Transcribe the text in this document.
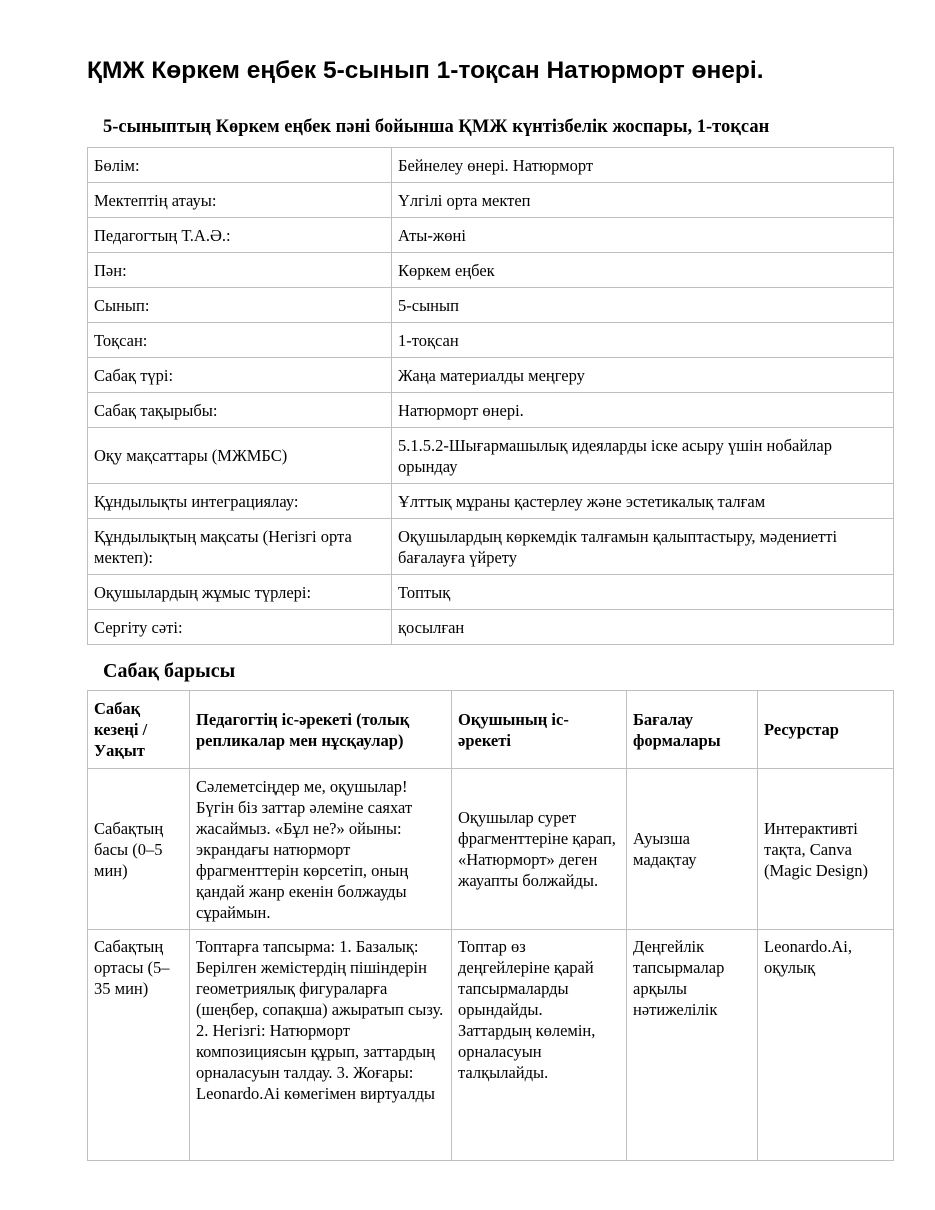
ҚМЖ Көркем еңбек 5-сынып 1-тоқсан Натюрморт өнері.
5-сыныптың Көркем еңбек пәні бойынша ҚМЖ күнтізбелік жоспары, 1-тоқсан
Бөлім:	Бейнелеу өнері. Натюрморт
Мектептің атауы:	Үлгілі орта мектеп
Педагогтың Т.А.Ә.:	Аты-жөні
Пән:	Көркем еңбек
Сынып:	5-сынып
Тоқсан:	1-тоқсан
Сабақ түрі:	Жаңа материалды меңгеру
Сабақ тақырыбы:	Натюрморт өнері.
Оқу мақсаттары (МЖМБС)	5.1.5.2-Шығармашылық идеяларды іске асыру үшін нобайлар орындау
Құндылықты интеграциялау:	Ұлттық мұраны қастерлеу және эстетикалық талғам
Құндылықтың мақсаты (Негізгі орта мектеп):	Оқушылардың көркемдік талғамын қалыптастыру, мәдениетті бағалауға үйрету
Оқушылардың жұмыс түрлері:	Топтық
Сергіту сәті:	қосылған
Сабақ барысы
Сабақ кезеңі / Уақыт	Педагогтің іс-әрекеті (толық репликалар мен нұсқаулар)	Оқушының іс-әрекеті	Бағалау формалары	Ресурстар
Сабақтың басы (0–5 мин)	Сәлеметсіңдер ме, оқушылар! Бүгін біз заттар әлеміне саяхат жасаймыз. «Бұл не?» ойыны: экрандағы натюрморт фрагменттерін көрсетіп, оның қандай жанр екенін болжауды сұраймын.	Оқушылар сурет фрагменттеріне қарап, «Натюрморт» деген жауапты болжайды.	Ауызша мадақтау	Интерактивті тақта, Canva (Magic Design)
Сабақтың ортасы (5–35 мин)	Топтарға тапсырма: 1. Базалық: Берілген жемістердің пішіндерін геометриялық фигураларға (шеңбер, сопақша) ажыратып сызу. 2. Негізгі: Натюрморт композициясын құрып, заттардың орналасуын талдау. 3. Жоғары: Leonardo.Ai көмегімен виртуалды	Топтар өз деңгейлеріне қарай тапсырмаларды орындайды. Заттардың көлемін, орналасуын талқылайды.	Деңгейлік тапсырмалар арқылы нәтижелілік	Leonardo.Ai, оқулық
